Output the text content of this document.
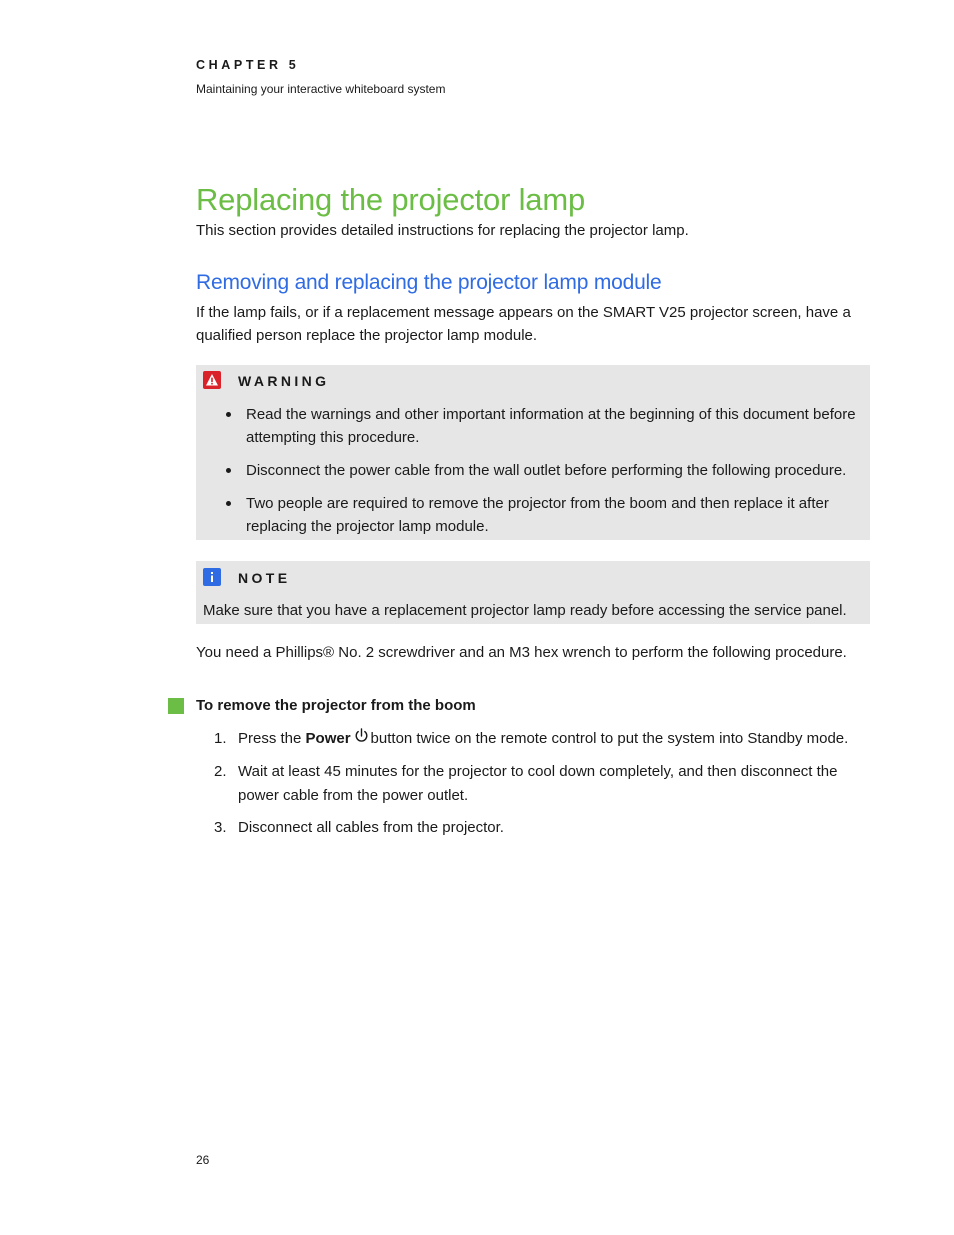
CHAPTER 5
Maintaining your interactive whiteboard system
Replacing the projector lamp
This section provides detailed instructions for replacing the projector lamp.
Removing and replacing the projector lamp module

If the lamp fails, or if a replacement message appears on the SMART V25 projector screen, have a qualified person replace the projector lamp module.

WARNING
Read the warnings and other important information at the beginning of this document before attempting this procedure.
Disconnect the power cable from the wall outlet before performing the following procedure.
Two people are required to remove the projector from the boom and then replace it after replacing the projector lamp module.
NOTE
Make sure that you have a replacement projector lamp ready before accessing the service panel.
You need a Phillips® No. 2 screwdriver and an M3 hex wrench to perform the following procedure.
To remove the projector from the boom
1. Press the Power button twice on the remote control to put the system into Standby mode.
2. Wait at least 45 minutes for the projector to cool down completely, and then disconnect the power cable from the power outlet.
3. Disconnect all cables from the projector.
26
